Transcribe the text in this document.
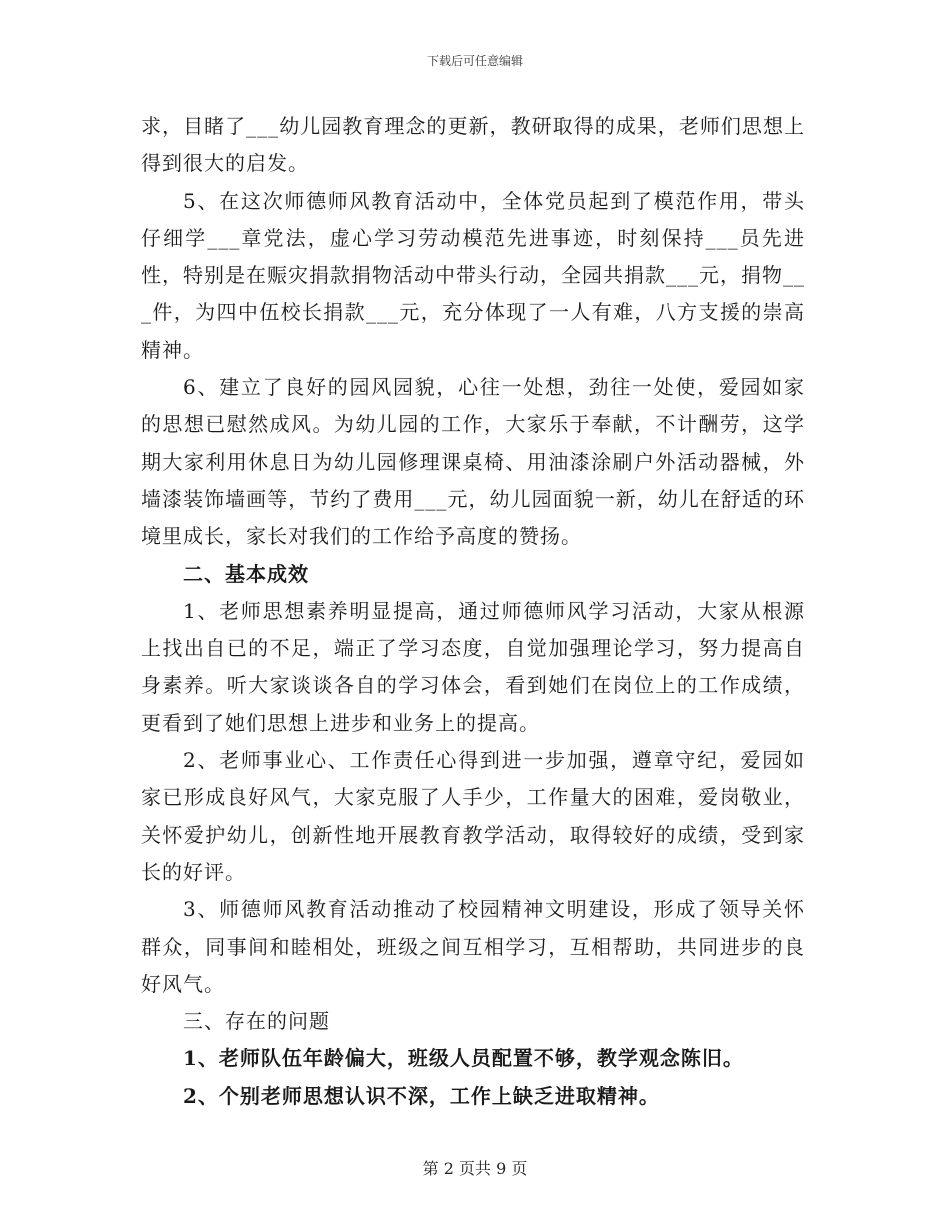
下载后可任意编辑

求，目睹了___幼儿园教育理念的更新，教研取得的成果，老师们思想上得到很大的启发。

5、在这次师德师风教育活动中，全体党员起到了模范作用，带头仔细学___章党法，虚心学习劳动模范先进事迹，时刻保持___员先进性，特别是在赈灾捐款捐物活动中带头行动，全园共捐款___元，捐物___件，为四中伍校长捐款___元，充分体现了一人有难，八方支援的崇高精神。

6、建立了良好的园风园貌，心往一处想，劲往一处使，爱园如家的思想已慰然成风。为幼儿园的工作，大家乐于奉献，不计酬劳，这学期大家利用休息日为幼儿园修理课桌椅、用油漆涂刷户外活动器械，外墙漆装饰墙画等，节约了费用___元，幼儿园面貌一新，幼儿在舒适的环境里成长，家长对我们的工作给予高度的赞扬。

二、基本成效

1、老师思想素养明显提高，通过师德师风学习活动，大家从根源上找出自已的不足，端正了学习态度，自觉加强理论学习，努力提高自身素养。听大家谈谈各自的学习体会，看到她们在岗位上的工作成绩，更看到了她们思想上进步和业务上的提高。

2、老师事业心、工作责任心得到进一步加强，遵章守纪，爱园如家已形成良好风气，大家克服了人手少，工作量大的困难，爱岗敬业，关怀爱护幼儿，创新性地开展教育教学活动，取得较好的成绩，受到家长的好评。

3、师德师风教育活动推动了校园精神文明建设，形成了领导关怀群众，同事间和睦相处，班级之间互相学习，互相帮助，共同进步的良好风气。

三、存在的问题

1、老师队伍年龄偏大，班级人员配置不够，教学观念陈旧。

2、个别老师思想认识不深，工作上缺乏进取精神。

第 2 页共 9 页
